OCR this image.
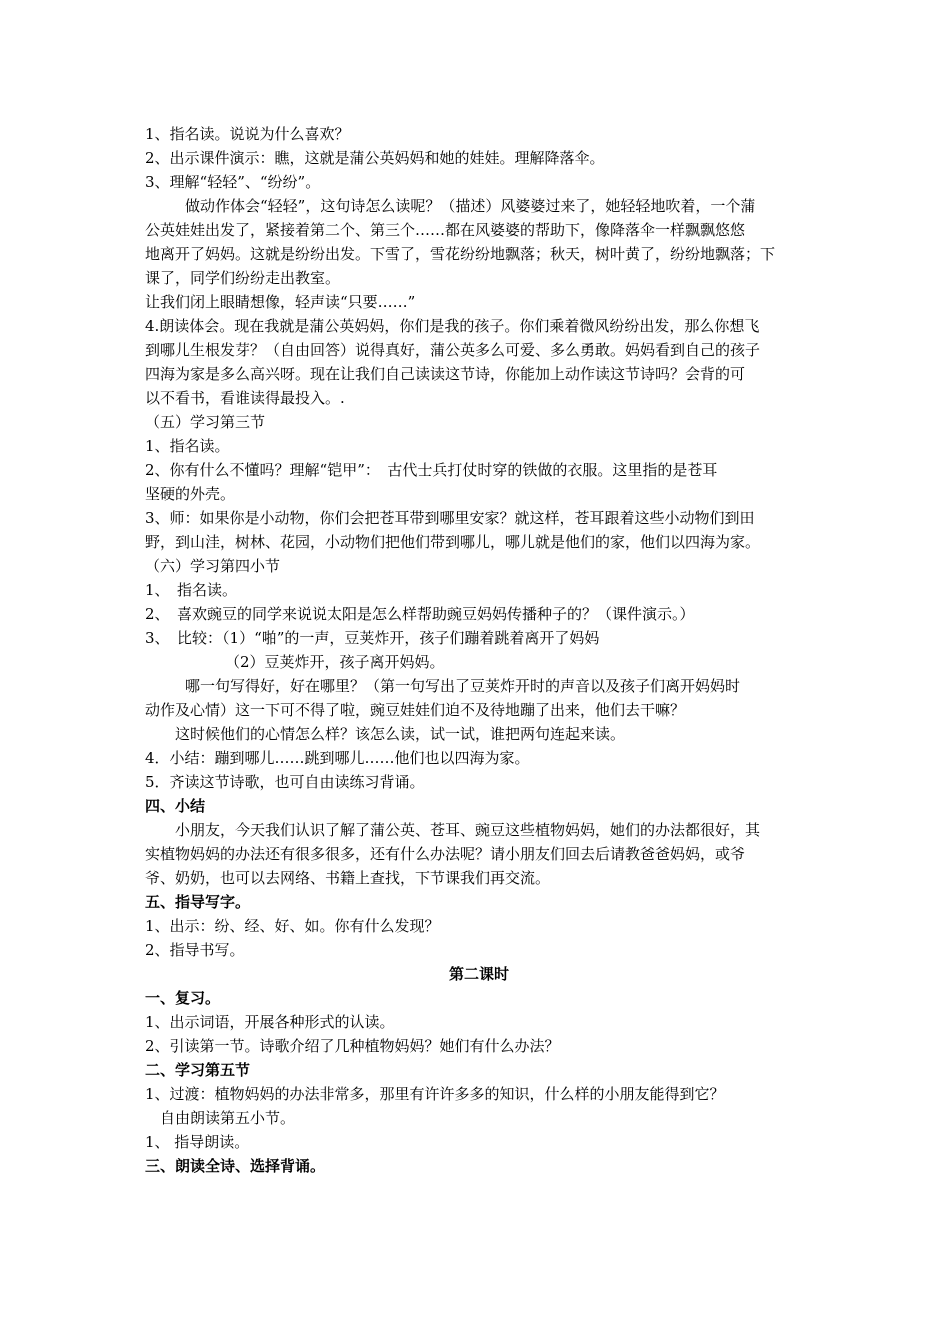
1、指名读。说说为什么喜欢？
2、出示课件演示：瞧，这就是蒲公英妈妈和她的娃娃。理解降落伞。
3、理解“轻轻”、“纷纷”。
做动作体会“轻轻”，这句诗怎么读呢？（描述）风婆婆过来了，她轻轻地吹着，一个蒲
公英娃娃出发了，紧接着第二个、第三个……都在风婆婆的帮助下，像降落伞一样飘飘悠悠
地离开了妈妈。这就是纷纷出发。下雪了，雪花纷纷地飘落；秋天，树叶黄了，纷纷地飘落；下
课了，同学们纷纷走出教室。
让我们闭上眼睛想像，轻声读“只要……”
4.朗读体会。现在我就是蒲公英妈妈，你们是我的孩子。你们乘着微风纷纷出发，那么你想飞
到哪儿生根发芽？（自由回答）说得真好，蒲公英多么可爱、多么勇敢。妈妈看到自己的孩子
四海为家是多么高兴呀。现在让我们自己读读这节诗，你能加上动作读这节诗吗？会背的可
以不看书，看谁读得最投入。.
（五）学习第三节
1、指名读。
2、你有什么不懂吗？理解“铠甲”：　古代士兵打仗时穿的铁做的衣服。这里指的是苍耳
坚硬的外壳。
3、师：如果你是小动物，你们会把苍耳带到哪里安家？就这样，苍耳跟着这些小动物们到田
野，到山洼，树林、花园，小动物们把他们带到哪儿，哪儿就是他们的家，他们以四海为家。
（六）学习第四小节
1、　指名读。
2、　喜欢豌豆的同学来说说太阳是怎么样帮助豌豆妈妈传播种子的？（课件演示。）
3、　比较：（1）“啪”的一声，豆荚炸开，孩子们蹦着跳着离开了妈妈
（2）豆荚炸开，孩子离开妈妈。
哪一句写得好，好在哪里？（第一句写出了豆荚炸开时的声音以及孩子们离开妈妈时
动作及心情）这一下可不得了啦，豌豆娃娃们迫不及待地蹦了出来，他们去干嘛？
这时候他们的心情怎么样？该怎么读，试一试，谁把两句连起来读。
4．小结：蹦到哪儿……跳到哪儿……他们也以四海为家。
5．齐读这节诗歌，也可自由读练习背诵。
四、小结
小朋友，今天我们认识了解了蒲公英、苍耳、豌豆这些植物妈妈，她们的办法都很好，其
实植物妈妈的办法还有很多很多，还有什么办法呢？请小朋友们回去后请教爸爸妈妈，或爷
爷、奶奶，也可以去网络、书籍上查找，下节课我们再交流。
五、指导写字。
1、出示：纷、经、好、如。你有什么发现？
2、指导书写。
第二课时
一、复习。
1、出示词语，开展各种形式的认读。
2、引读第一节。诗歌介绍了几种植物妈妈？她们有什么办法？
二、学习第五节
1、过渡：植物妈妈的办法非常多，那里有许许多多的知识，什么样的小朋友能得到它？
自由朗读第五小节。
1、 指导朗读。
三、朗读全诗、选择背诵。
